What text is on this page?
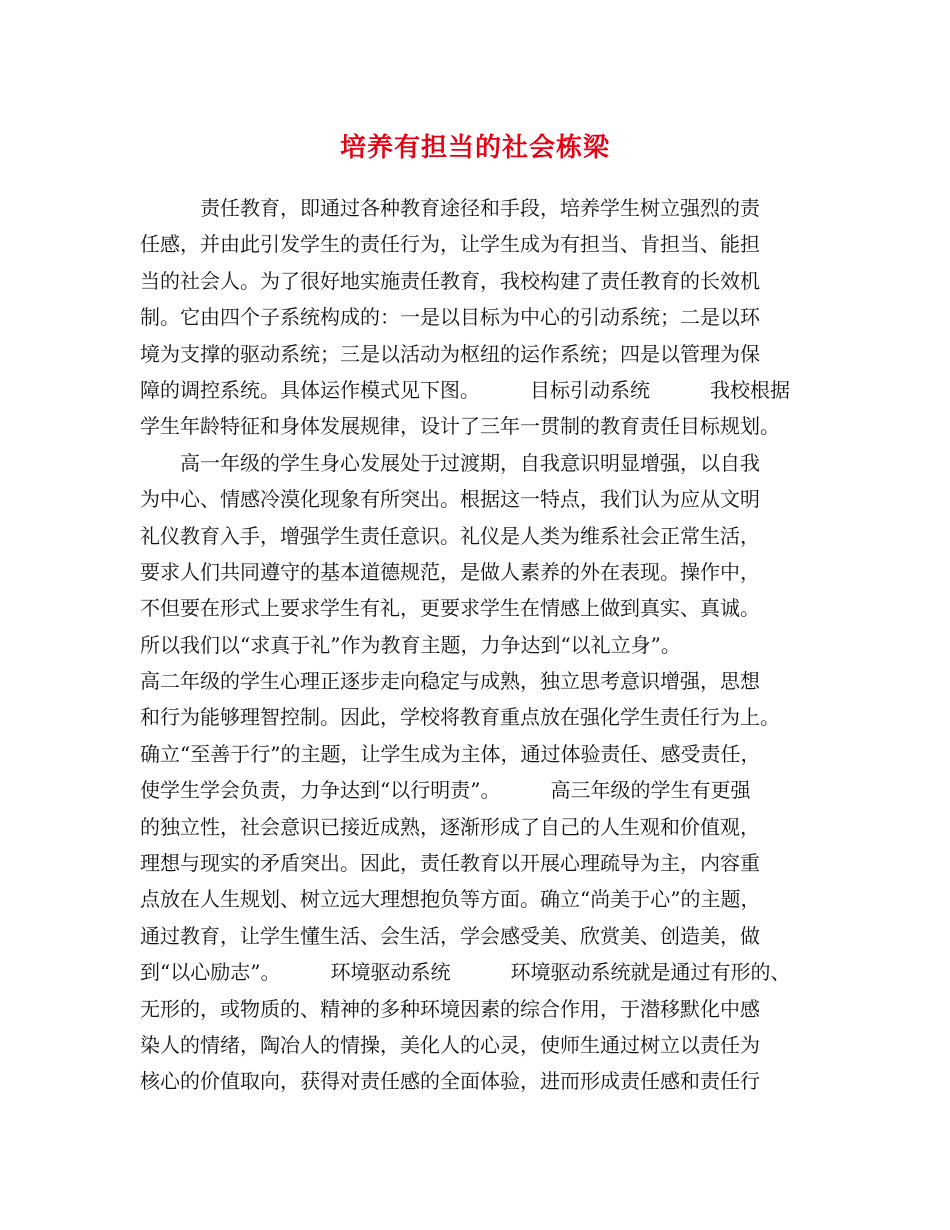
培养有担当的社会栋梁
　　　责任教育，即通过各种教育途径和手段，培养学生树立强烈的责
任感，并由此引发学生的责任行为，让学生成为有担当、肯担当、能担
当的社会人。为了很好地实施责任教育，我校构建了责任教育的长效机
制。它由四个子系统构成的：一是以目标为中心的引动系统；二是以环
境为支撑的驱动系统；三是以活动为枢纽的运作系统；四是以管理为保
障的调控系统。具体运作模式见下图。　　　目标引动系统　　　我校根据
学生年龄特征和身体发展规律，设计了三年一贯制的教育责任目标规划。
　　高一年级的学生身心发展处于过渡期，自我意识明显增强，以自我
为中心、情感冷漠化现象有所突出。根据这一特点，我们认为应从文明
礼仪教育入手，增强学生责任意识。礼仪是人类为维系社会正常生活，
要求人们共同遵守的基本道德规范，是做人素养的外在表现。操作中，
不但要在形式上要求学生有礼，更要求学生在情感上做到真实、真诚。
所以我们以“求真于礼”作为教育主题，力争达到“以礼立身”。
高二年级的学生心理正逐步走向稳定与成熟，独立思考意识增强，思想
和行为能够理智控制。因此，学校将教育重点放在强化学生责任行为上。
确立“至善于行”的主题，让学生成为主体，通过体验责任、感受责任，
使学生学会负责，力争达到“以行明责”。　　　高三年级的学生有更强
的独立性，社会意识已接近成熟，逐渐形成了自己的人生观和价值观，
理想与现实的矛盾突出。因此，责任教育以开展心理疏导为主，内容重
点放在人生规划、树立远大理想抱负等方面。确立“尚美于心”的主题，
通过教育，让学生懂生活、会生活，学会感受美、欣赏美、创造美，做
到“以心励志”。　　　环境驱动系统　　　环境驱动系统就是通过有形的、
无形的，或物质的、精神的多种环境因素的综合作用，于潜移默化中感
染人的情绪，陶冶人的情操，美化人的心灵，使师生通过树立以责任为
核心的价值取向，获得对责任感的全面体验，进而形成责任感和责任行
